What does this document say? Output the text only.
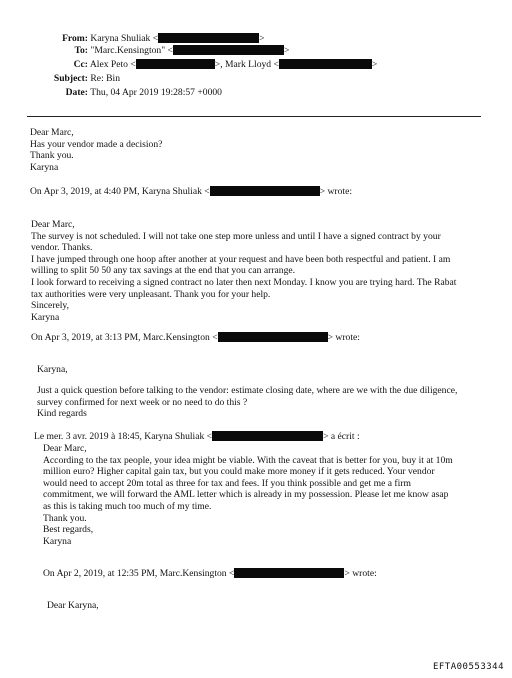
From: Karyna Shuliak <	>
To: "Marc.Kensington" <	>
Cc: Alex Peto <	>, Mark Lloyd <	>
Subject: Re: Bin
Date: Thu, 04 Apr 2019 19:28:57 +0000
Dear Marc,
Has your vendor made a decision?
Thank you.
Karyna
On Apr 3, 2019, at 4:40 PM, Karyna Shuliak <	> wrote:
Dear Marc,
The survey is not scheduled. I will not take one step more unless and until I have a signed contract by your
vendor. Thanks.
I have jumped through one hoop after another at your request and have been both respectful and patient. I am
willing to split 50 50 any tax savings at the end that you can arrange.
I look forward to receiving a signed contract no later then next Monday. I know you are trying hard. The Rabat
tax authorities were very unpleasant. Thank you for your help.
Sincerely,
Karyna
On Apr 3, 2019, at 3:13 PM, Marc.Kensington <	> wrote:
Karyna,
Just a quick question before talking to the vendor: estimate closing date, where are we with the due diligence,
survey confirmed for next week or no need to do this ?
Kind regards
Le mer. 3 avr. 2019 à 18:45, Karyna Shuliak <	> a écrit :
Dear Marc,
According to the tax people, your idea might be viable. With the caveat that is better for you, buy it at 10m
million euro? Higher capital gain tax, but you could make more money if it gets reduced. Your vendor
would need to accept 20m total as three for tax and fees. If you think possible and get me a firm
commitment, we will forward the AML letter which is already in my possession. Please let me know asap
as this is taking much too much of my time.
Thank you.
Best regards,
Karyna
On Apr 2, 2019, at 12:35 PM, Marc.Kensington <	> wrote:
Dear Karyna,
EFTA00553344
